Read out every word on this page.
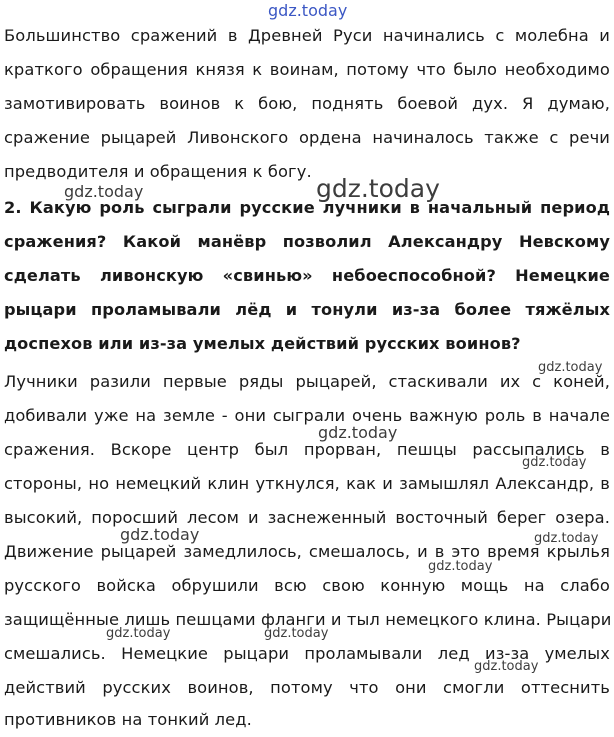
Большинство сражений в Древней Руси начинались с молебна и
краткого обращения князя к воинам, потому что было необходимо
замотивировать воинов к бою, поднять боевой дух. Я думаю,
сражение рыцарей Ливонского ордена начиналось также с речи
предводителя и обращения к богу.
2. Какую роль сыграли русские лучники в начальный период
сражения? Какой манёвр позволил Александру Невскому
сделать ливонскую «свинью» небоеспособной? Немецкие
рыцари проламывали лёд и тонули из-за более тяжёлых
доспехов или из-за умелых действий русских воинов?
Лучники разили первые ряды рыцарей, стаскивали их с коней,
добивали уже на земле - они сыграли очень важную роль в начале
сражения. Вскоре центр был прорван, пешцы рассыпались в
стороны, но немецкий клин уткнулся, как и замышлял Александр, в
высокий, поросший лесом и заснеженный восточный берег озера.
Движение рыцарей замедлилось, смешалось, и в это время крылья
русского войска обрушили всю свою конную мощь на слабо
защищённые лишь пешцами фланги и тыл немецкого клина. Рыцари
смешались. Немецкие рыцари проламывали лед из-за умелых
действий русских воинов, потому что они смогли оттеснить
противников на тонкий лед.
gdz.today
gdz.today	gdz.today
gdz.today
gdz.today
gdz.today
gdz.today
gdz.today
gdz.today
gdz.today	gdz.today
gdz.today
